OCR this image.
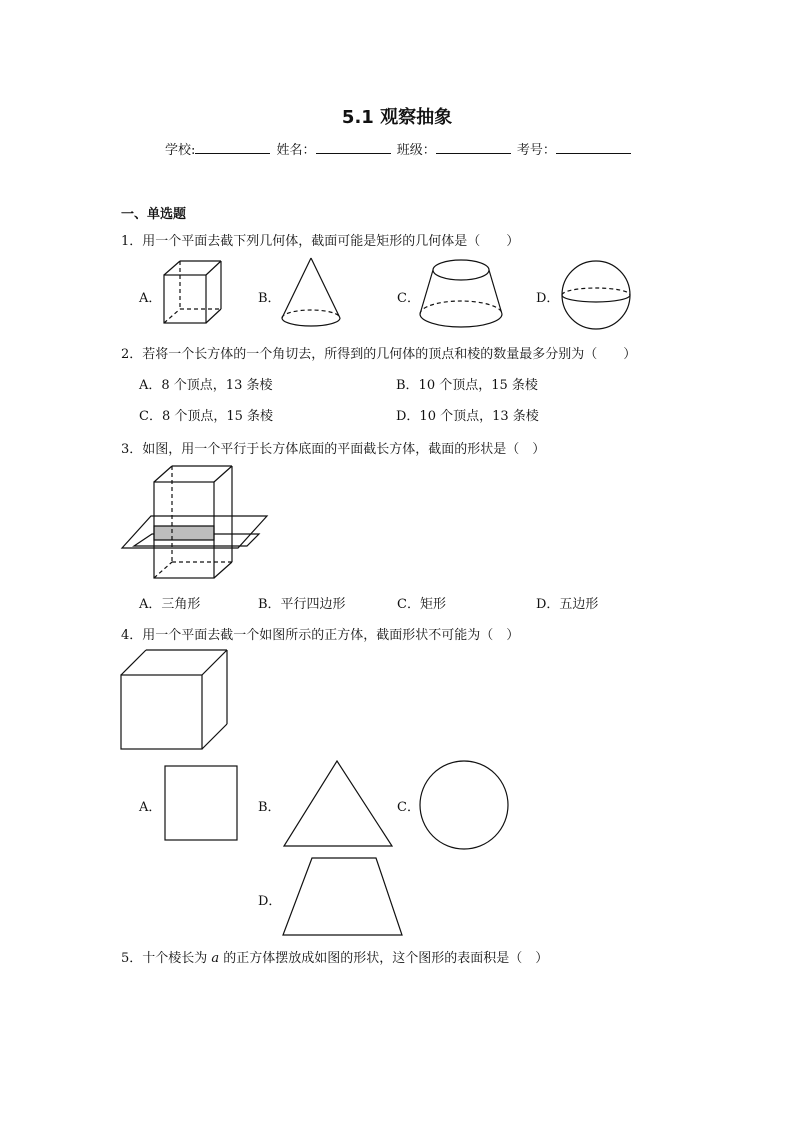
5.1 观察抽象
学校:	姓名：	班级：	考号：
一、单选题
1．用一个平面去截下列几何体，截面可能是矩形的几何体是（　　）
A．	B．	C．	D．
2．若将一个长方体的一个角切去，所得到的几何体的顶点和棱的数量最多分别为（　　）
A．8 个顶点，13 条棱	B．10 个顶点，15 条棱
C．8 个顶点，15 条棱	D．10 个顶点，13 条棱
3．如图，用一个平行于长方体底面的平面截长方体，截面的形状是（　）
A．三角形	B．平行四边形	C．矩形	D．五边形
4．用一个平面去截一个如图所示的正方体，截面形状不可能为（　）
A．	B．	C．
D．
5．十个棱长为 a 的正方体摆放成如图的形状，这个图形的表面积是（　）
